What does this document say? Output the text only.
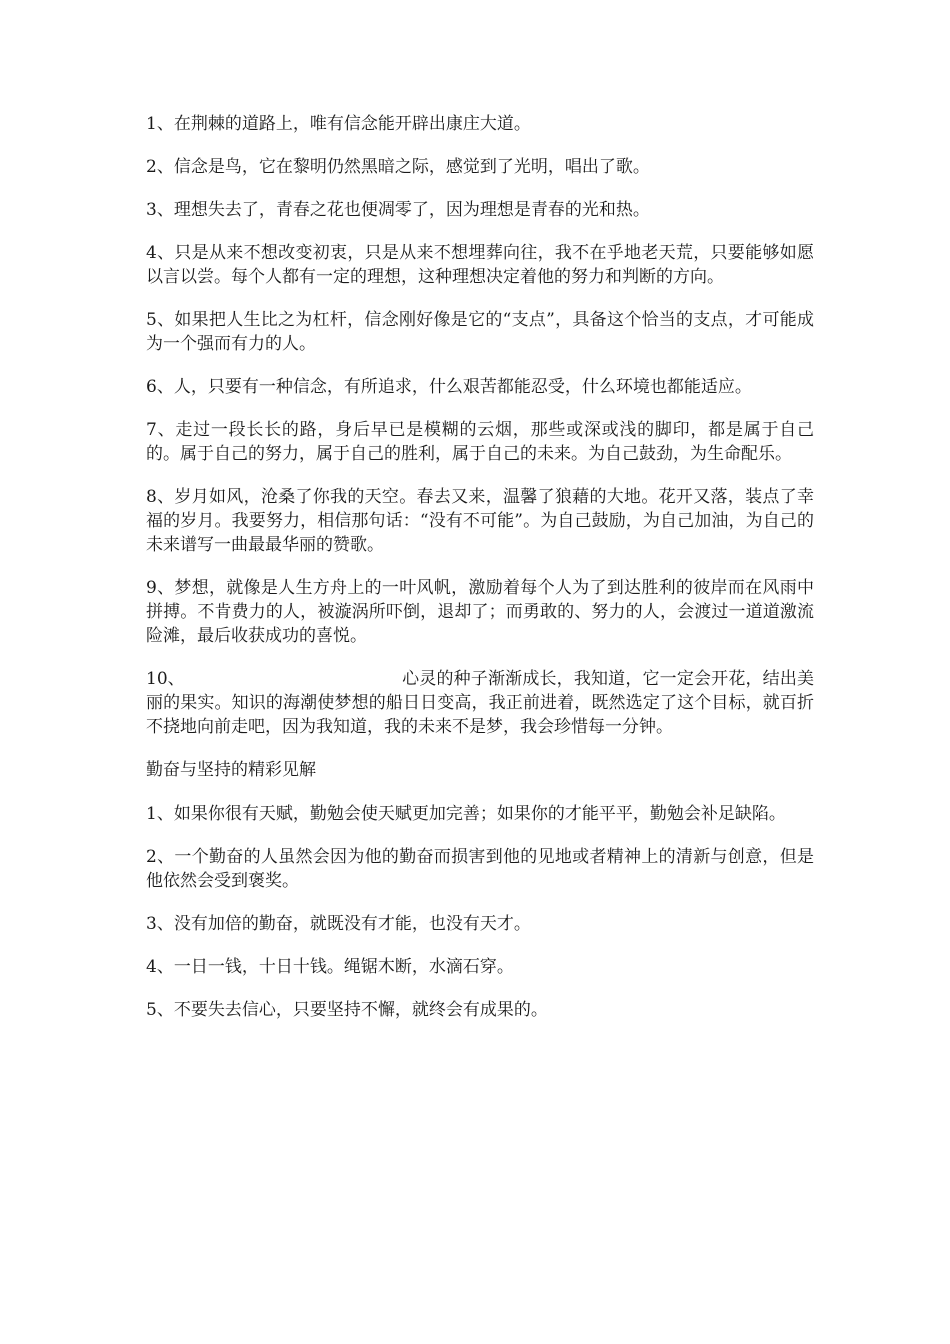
1、在荆棘的道路上，唯有信念能开辟出康庄大道。

2、信念是鸟，它在黎明仍然黑暗之际，感觉到了光明，唱出了歌。

3、理想失去了，青春之花也便凋零了，因为理想是青春的光和热。

4、只是从来不想改变初衷，只是从来不想埋葬向往，我不在乎地老天荒，只要能够如愿以言以尝。每个人都有一定的理想，这种理想决定着他的努力和判断的方向。

5、如果把人生比之为杠杆，信念刚好像是它的“支点”，具备这个恰当的支点，才可能成为一个强而有力的人。

6、人，只要有一种信念，有所追求，什么艰苦都能忍受，什么环境也都能适应。

7、走过一段长长的路，身后早已是模糊的云烟，那些或深或浅的脚印，都是属于自己的。属于自己的努力，属于自己的胜利，属于自己的未来。为自己鼓劲，为生命配乐。

8、岁月如风，沧桑了你我的天空。春去又来，温馨了狼藉的大地。花开又落，装点了幸福的岁月。我要努力，相信那句话：“没有不可能”。为自己鼓励，为自己加油，为自己的未来谱写一曲最最华丽的赞歌。

9、梦想，就像是人生方舟上的一叶风帆，激励着每个人为了到达胜利的彼岸而在风雨中拼搏。不肯费力的人，被漩涡所吓倒，退却了；而勇敢的、努力的人，会渡过一道道激流险滩，最后收获成功的喜悦。

10、	心灵的种子渐渐成长，我知道，它一定会开花，结出美丽的果实。知识的海潮使梦想的船日日变高，我正前进着，既然选定了这个目标，就百折不挠地向前走吧，因为我知道，我的未来不是梦，我会珍惜每一分钟。

勤奋与坚持的精彩见解

1、如果你很有天赋，勤勉会使天赋更加完善；如果你的才能平平，勤勉会补足缺陷。

2、一个勤奋的人虽然会因为他的勤奋而损害到他的见地或者精神上的清新与创意，但是他依然会受到褒奖。

3、没有加倍的勤奋，就既没有才能，也没有天才。

4、一日一钱，十日十钱。绳锯木断，水滴石穿。

5、不要失去信心，只要坚持不懈，就终会有成果的。
